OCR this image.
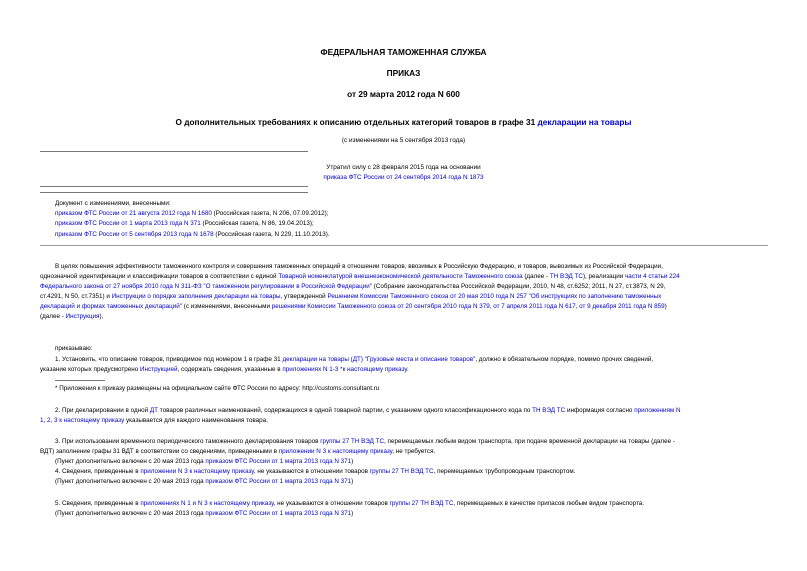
ФЕДЕРАЛЬНАЯ ТАМОЖЕННАЯ СЛУЖБА
ПРИКАЗ
от 29 марта 2012 года N 600
О дополнительных требованиях к описанию отдельных категорий товаров в графе 31 декларации на товары
(с изменениями на 5 сентября 2013 года)
Утратил силу с 28 февраля 2015 года на основании
приказа ФТС России от 24 сентября 2014 года N 1873
Документ с изменениями, внесенными:
приказом ФТС России от 21 августа 2012 года N 1680 (Российская газета, N 206, 07.09.2012);
приказом ФТС России от 1 марта 2013 года N 371 (Российская газета, N 86, 19.04.2013);
приказом ФТС России от 5 сентября 2013 года N 1678 (Российская газета, N 229, 11.10.2013).
В целях повышения эффективности таможенного контроля и совершения таможенных операций в отношении товаров, ввозимых в Российскую Федерацию, и товаров, вывозимых из Российской Федерации,
однозначной идентификации и классификации товаров в соответствии с единой Товарной номенклатурой внешнеэкономической деятельности Таможенного союза (далее - ТН ВЭД ТС), реализации части 4 статьи 224
Федерального закона от 27 ноября 2010 года N 311-ФЗ "О таможенном регулировании в Российской Федерации" (Собрание законодательства Российской Федерации, 2010, N 48, ст.6252; 2011, N 27, ст.3873, N 29,
ст.4291, N 50, ст.7351) и Инструкции о порядке заполнения декларации на товары, утвержденной Решением Комиссии Таможенного союза от 20 мая 2010 года N 257 "Об инструкциях по заполнению таможенных
деклараций и формах таможенных деклараций" (с изменениями, внесенными решениями Комиссии Таможенного союза от 20 сентября 2010 года N 379, от 7 апреля 2011 года N 617, от 9 декабря 2011 года N 859)
(далее - Инструкция),
приказываю:
1. Установить, что описание товаров, приводимое под номером 1 в графе 31 декларации на товары (ДТ) "Грузовые места и описание товаров", должно в обязательном порядке, помимо прочих сведений,
указание которых предусмотрено Инструкцией, содержать сведения, указанные в приложениях N 1-3 *к настоящему приказу.
* Приложения к приказу размещены на официальном сайте ФТС России по адресу: http://customs.consultant.ru
2. При декларировании в одной ДТ товаров различных наименований, содержащихся в одной товарной партии, с указанием одного классификационного кода по ТН ВЭД ТС информация согласно приложениям N
1, 2, 3 к настоящему приказу указывается для каждого наименования товара.
3. При использовании временного периодического таможенного декларирования товаров группы 27 ТН ВЭД ТС, перемещаемых любым видом транспорта, при подаче временной декларации на товары (далее -
ВДТ) заполнение графы 31 ВДТ в соответствии со сведениями, приведенными в приложении N 3 к настоящему приказу, не требуется.
(Пункт дополнительно включен с 20 мая 2013 года приказом ФТС России от 1 марта 2013 года N 371)
4. Сведения, приведенные в приложении N 3 к настоящему приказу, не указываются в отношении товаров группы 27 ТН ВЭД ТС, перемещаемых трубопроводным транспортом.
(Пункт дополнительно включен с 20 мая 2013 года приказом ФТС России от 1 марта 2013 года N 371)
5. Сведения, приведенные в приложениях N 1 и N 3 к настоящему приказу, не указываются в отношении товаров группы 27 ТН ВЭД ТС, перемещаемых в качестве припасов любым видом транспорта.
(Пункт дополнительно включен с 20 мая 2013 года приказом ФТС России от 1 марта 2013 года N 371)
